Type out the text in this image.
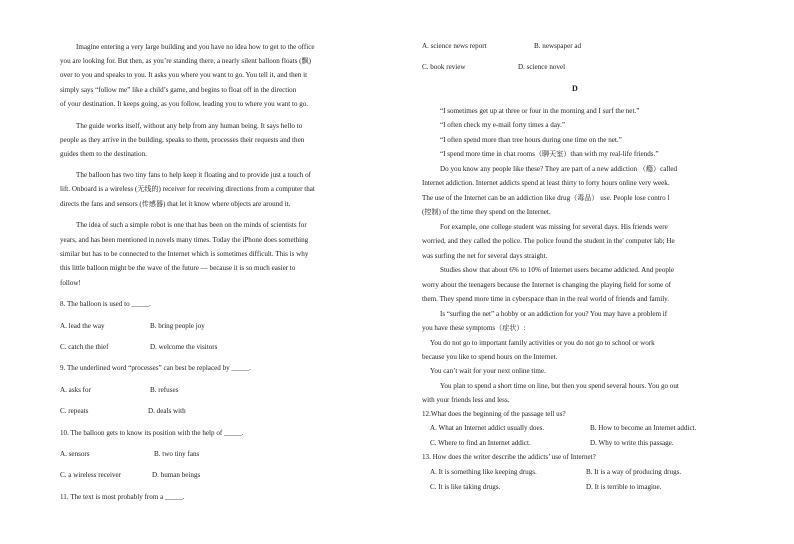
Imagine entering a very large building and you have no idea how to get to the office
you are looking for. But then, as you’re standing there, a nearly silent balloon floats (飘)
over to you and speaks to you. It asks you where you want to go. You tell it, and then it
simply says “follow me” like a child’s game, and begins to float off in the direction
of your destination. It keeps going, as you follow, leading you to where you want to go.
The guide works itself, without any help from any human being. It says hello to
people as they arrive in the building, speaks to them, processes their requests and then
guides them to the destination.
The balloon has two tiny fans to help keep it floating and to provide just a touch of
lift. Onboard is a wireless (无线的) receiver for receiving directions from a computer that
directs the fans and sensors (传感器) that let it know where objects are around it.
The idea of such a simple robot is one that has been on the minds of scientists for
years, and has been mentioned in novels many times. Today the iPhone does something
similar but has to be connected to the Internet which is sometimes difficult. This is why
this little balloon might be the wave of the future — because it is so much easier to
follow!
8. The balloon is used to _____.
A. lead the way	B. bring people joy
C. catch the thief	D. welcome the visitors
9. The underlined word “processes” can best be replaced by _____.
A. asks for	B. refuses
C. repeats	D. deals with
10. The balloon gets to know its position with the help of _____.
A. sensors	B. two tiny fans
C. a wireless receiver	D. human beings
11. The text is most probably from a _____.
A. science news report	B. newspaper ad
C. book review	D. science novel
D
“I sometimes get up at three or four in the morning and I surf the net.”
“I often check my e-mail forty times a day.”
“I often spend more than tree hours during one time on the net.”
“I spend more time in chat rooms（聊天室）than with my real-life friends.”
Do you know any people like these? They are part of a new addiction （瘾）called
Internet addiction. Internet addicts spend at least thirty to forty hours online very week.
The use of the Internet can be an addiction like drug（毒品） use. People lose contro l
(控制) of the time they spend on the Internet.
For example, one college student was missing for several days. His friends were
worried, and they called the police. The police found the student in the' computer lab; He
was surfing the net for several days straight.
Studies show that about 6% to 10% of Internet users became addicted. And people
worry about the teenagers because the Internet is changing the playing field for some of
them. They spend more time in cyberspace than in the real world of friends and family.
Is “surfing the net” a hobby or an addiction for you? You may have a problem if
you have these symptoms（症状）:
You do not go to important family activities or you do not go to school or work
because you like to spend hours on the Internet.
You can’t wait for your next online time.
You plan to spend a short time on line, but then you spend several hours. You go out
with your friends less and less.
12.What does the beginning of the passage tell us?
A. What an Internet addict usually does.	B. How to become an Internet addict.
C. Where to find an Internet addict.	D. Why to write this passage.
13. How does the writer describe the addicts’ use of Internet?
A. It is something like keeping drugs.	B. It is a way of producing drugs.
C. It is like taking drugs.	D. It is terrible to imagine.
